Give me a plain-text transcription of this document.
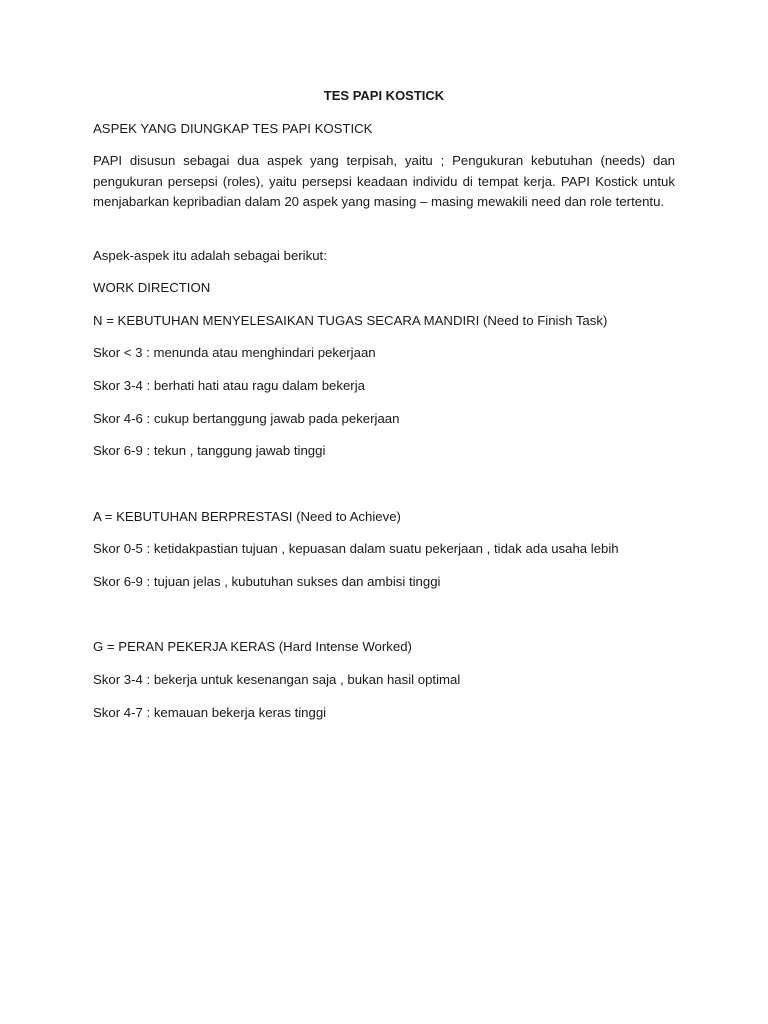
TES PAPI KOSTICK
ASPEK YANG DIUNGKAP TES PAPI KOSTICK
PAPI disusun sebagai dua aspek yang terpisah, yaitu ; Pengukuran kebutuhan (needs) dan pengukuran persepsi (roles), yaitu persepsi keadaan individu di tempat kerja. PAPI Kostick untuk menjabarkan kepribadian dalam 20 aspek yang masing – masing mewakili need dan role tertentu.
Aspek-aspek itu adalah sebagai berikut:
WORK DIRECTION
N = KEBUTUHAN MENYELESAIKAN TUGAS SECARA MANDIRI (Need to Finish Task)
Skor < 3 : menunda atau menghindari pekerjaan
Skor 3-4 : berhati hati atau ragu dalam bekerja
Skor 4-6 : cukup bertanggung jawab pada pekerjaan
Skor 6-9 : tekun , tanggung jawab tinggi
A = KEBUTUHAN BERPRESTASI (Need to Achieve)
Skor 0-5 : ketidakpastian tujuan , kepuasan dalam suatu pekerjaan , tidak ada usaha lebih
Skor 6-9 : tujuan jelas , kubutuhan sukses dan ambisi tinggi
G = PERAN PEKERJA KERAS (Hard Intense Worked)
Skor 3-4 : bekerja untuk kesenangan saja , bukan hasil optimal
Skor 4-7 : kemauan bekerja keras tinggi
